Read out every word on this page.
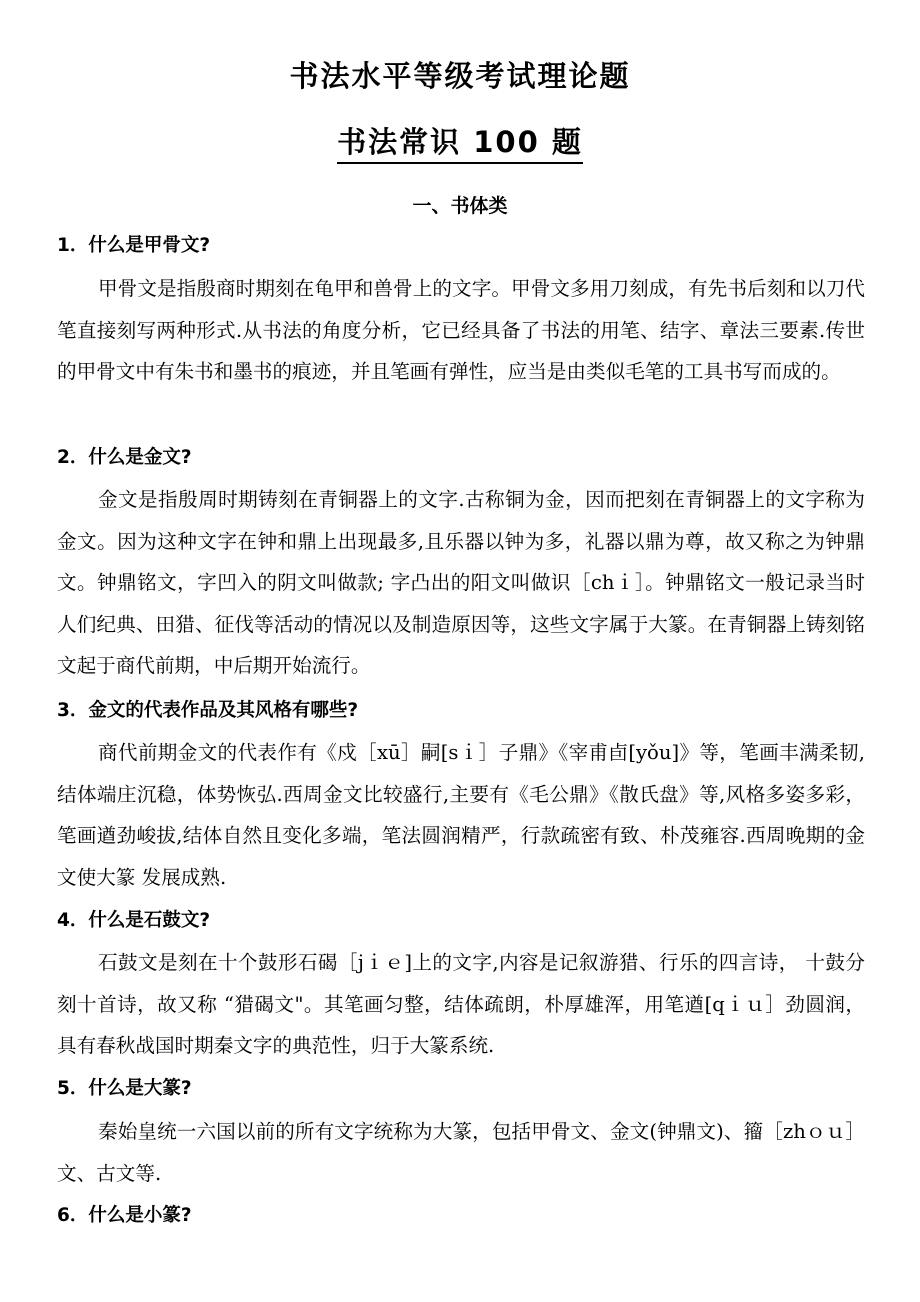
书法水平等级考试理论题
书法常识 100 题
一、书体类
1．什么是甲骨文?
甲骨文是指殷商时期刻在龟甲和兽骨上的文字。甲骨文多用刀刻成，有先书后刻和以刀代笔直接刻写两种形式.从书法的角度分析，它已经具备了书法的用笔、结字、章法三要素.传世的甲骨文中有朱书和墨书的痕迹，并且笔画有弹性，应当是由类似毛笔的工具书写而成的。
2．什么是金文?
金文是指殷周时期铸刻在青铜器上的文字.古称铜为金，因而把刻在青铜器上的文字称为金文。因为这种文字在钟和鼎上出现最多,且乐器以钟为多，礼器以鼎为尊，故又称之为钟鼎文。钟鼎铭文，字凹入的阴文叫做款; 字凸出的阳文叫做识［chｉ］。钟鼎铭文一般记录当时人们纪典、田猎、征伐等活动的情况以及制造原因等，这些文字属于大篆。在青铜器上铸刻铭文起于商代前期，中后期开始流行。
3．金文的代表作品及其风格有哪些?
商代前期金文的代表作有《戍［xū］嗣[sｉ］子鼎》《宰甫卣[yǒu]》等，笔画丰满柔韧,结体端庄沉稳，体势恢弘.西周金文比较盛行,主要有《毛公鼎》《散氏盘》等,风格多姿多彩，笔画遒劲峻拔,结体自然且变化多端，笔法圆润精严，行款疏密有致、朴茂雍容.西周晚期的金文使大篆 发展成熟.
4．什么是石鼓文?
石鼓文是刻在十个鼓形石碣［jｉｅ]上的文字,内容是记叙游猎、行乐的四言诗， 十鼓分刻十首诗，故又称 “猎碣文"。其笔画匀整，结体疏朗，朴厚雄浑，用笔遒[qｉｕ］劲圆润，具有春秋战国时期秦文字的典范性，归于大篆系统.
5．什么是大篆?
秦始皇统一六国以前的所有文字统称为大篆，包括甲骨文、金文(钟鼎文)、籀［zhｏｕ］文、古文等.
6．什么是小篆?
